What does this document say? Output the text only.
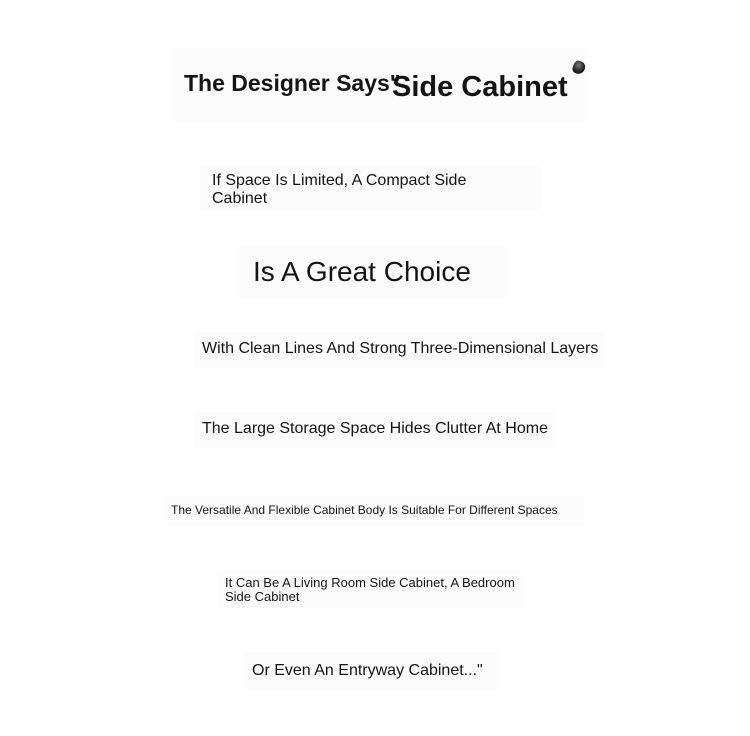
The Designer Says"
Side Cabinet
If Space Is Limited, A Compact Side Cabinet
Is A Great Choice
With Clean Lines And Strong Three-Dimensional Layers
The Large Storage Space Hides Clutter At Home
The Versatile And Flexible Cabinet Body Is Suitable For Different Spaces
It Can Be A Living Room Side Cabinet, A Bedroom Side Cabinet
Or Even An Entryway Cabinet..."
